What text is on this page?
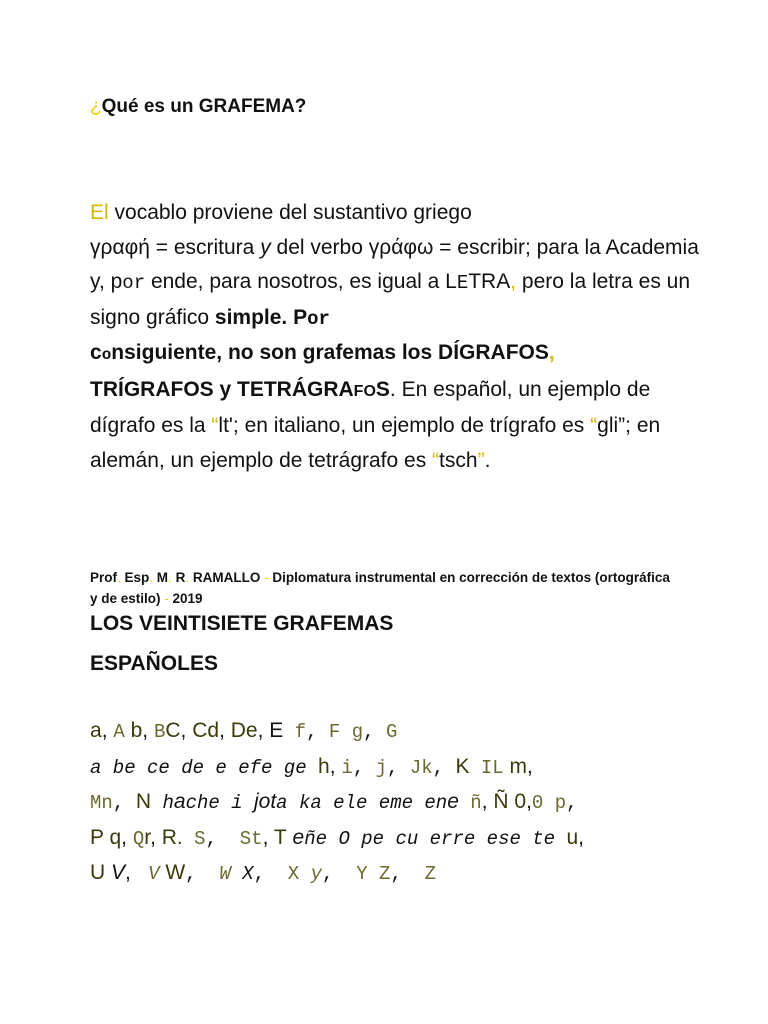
¿Qué es un GRAFEMA?
El vocablo proviene del sustantivo griego
γραφή = escritura y del verbo γράφω = escribir; para la Academia y, por ende, para nosotros, es igual a LETRA, pero la letra es un signo gráfico simple. Por
consiguiente, no son grafemas los DÍGRAFOS,
TRÍGRAFOS y TETRÁGRAFOS. En español, un ejemplo de dígrafo es la “lt'; en italiano, un ejemplo de trígrafo es “gli”; en alemán, un ejemplo de tetrágrafo es “tsch”.
Prof. Esp. M. R. RAMALLO - Diplomatura instrumental en corrección de textos (ortográfica y de estilo) - 2019
LOS VEINTISIETE GRAFEMAS
ESPAÑOLES
a, A b, BC, Cd, De, E f, F g, G
a be ce de e efe ge h, i, j, Jk, K IL m,
Mn,  N hache i jota ka ele eme ene ñ, Ñ 0,0 p,
P q, Qr, R. S,  St, T eñe O pe cu erre ese te u,
U V,  V W,  W X,  X y,  Y Z,  Z
